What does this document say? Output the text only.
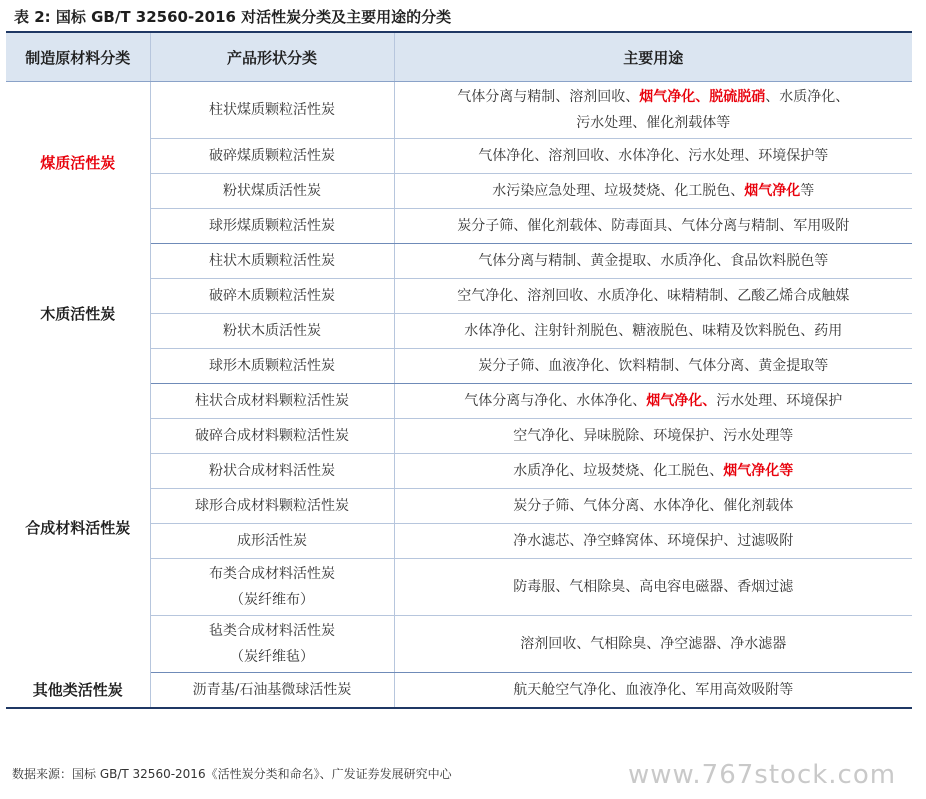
表 2: 国标 GB/T 32560-2016 对活性炭分类及主要用途的分类
制造原材料分类	产品形状分类	主要用途
煤质活性炭	柱状煤质颗粒活性炭	气体分离与精制、溶剂回收、烟气净化、脱硫脱硝、水质净化、
污水处理、催化剂载体等

	破碎煤质颗粒活性炭	气体净化、溶剂回收、水体净化、污水处理、环境保护等

	粉状煤质活性炭	水污染应急处理、垃圾焚烧、化工脱色、烟气净化等

	球形煤质颗粒活性炭	炭分子筛、催化剂载体、防毒面具、气体分离与精制、军用吸附

木质活性炭	柱状木质颗粒活性炭	气体分离与精制、黄金提取、水质净化、食品饮料脱色等

	破碎木质颗粒活性炭	空气净化、溶剂回收、水质净化、味精精制、乙酸乙烯合成触媒

	粉状木质活性炭	水体净化、注射针剂脱色、糖液脱色、味精及饮料脱色、药用

	球形木质颗粒活性炭	炭分子筛、血液净化、饮料精制、气体分离、黄金提取等

合成材料活性炭	柱状合成材料颗粒活性炭	气体分离与净化、水体净化、烟气净化、污水处理、环境保护

	破碎合成材料颗粒活性炭	空气净化、异味脱除、环境保护、污水处理等

	粉状合成材料活性炭	水质净化、垃圾焚烧、化工脱色、烟气净化等

	球形合成材料颗粒活性炭	炭分子筛、气体分离、水体净化、催化剂载体

	成形活性炭	净水滤芯、净空蜂窝体、环境保护、过滤吸附

	布类合成材料活性炭
（炭纤维布）	防毒服、气相除臭、高电容电磁器、香烟过滤

	毡类合成材料活性炭
（炭纤维毡）	溶剂回收、气相除臭、净空滤器、净水滤器

其他类活性炭	沥青基/石油基微球活性炭	航天舱空气净化、血液净化、军用高效吸附等
数据来源：国标 GB/T 32560-2016《活性炭分类和命名》、广发证券发展研究中心	www.767stock.com
